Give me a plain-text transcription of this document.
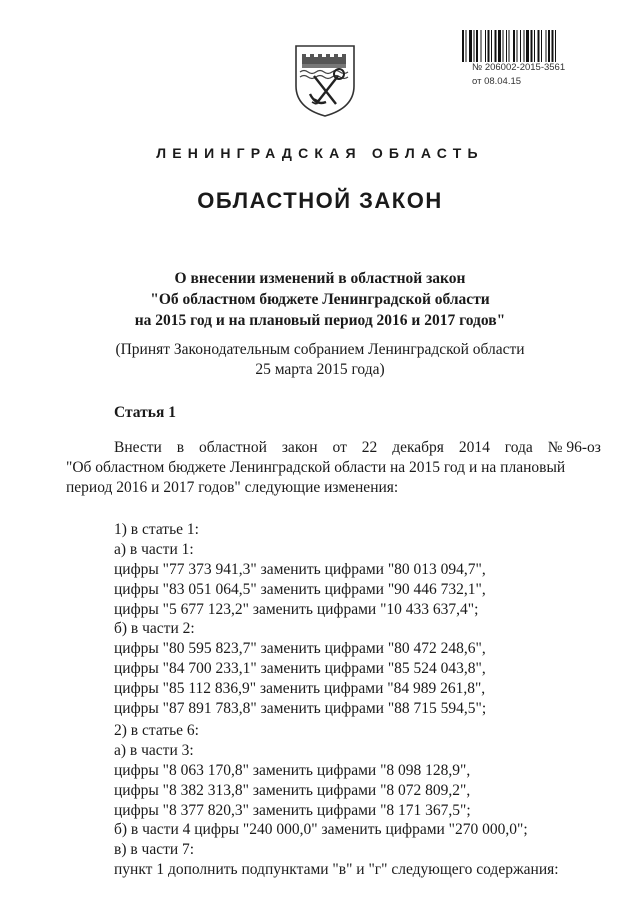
№ 206002-2015-3561
от 08.04.15
ЛЕНИНГРАДСКАЯ ОБЛАСТЬ
ОБЛАСТНОЙ ЗАКОН
О внесении изменений в областной закон
"Об областном бюджете Ленинградской области
на 2015 год и на плановый период 2016 и 2017 годов"
(Принят Законодательным собранием Ленинградской области
25 марта 2015 года)
Статья 1
Внести в областной закон от 22 декабря 2014 года № 96-оз
"Об областном бюджете Ленинградской области на 2015 год и на плановый
период 2016 и 2017 годов" следующие изменения:
1) в статье 1:
а) в части 1:
цифры "77 373 941,3" заменить цифрами "80 013 094,7",
цифры "83 051 064,5" заменить цифрами "90 446 732,1",
цифры "5 677 123,2" заменить цифрами "10 433 637,4";
б) в части 2:
цифры "80 595 823,7" заменить цифрами "80 472 248,6",
цифры "84 700 233,1" заменить цифрами "85 524 043,8",
цифры "85 112 836,9" заменить цифрами "84 989 261,8",
цифры "87 891 783,8" заменить цифрами "88 715 594,5";
2) в статье 6:
а) в части 3:
цифры "8 063 170,8" заменить цифрами "8 098 128,9",
цифры "8 382 313,8" заменить цифрами "8 072 809,2",
цифры "8 377 820,3" заменить цифрами "8 171 367,5";
б) в части 4 цифры "240 000,0" заменить цифрами "270 000,0";
в) в части 7:
пункт 1 дополнить подпунктами "в" и "г" следующего содержания:
